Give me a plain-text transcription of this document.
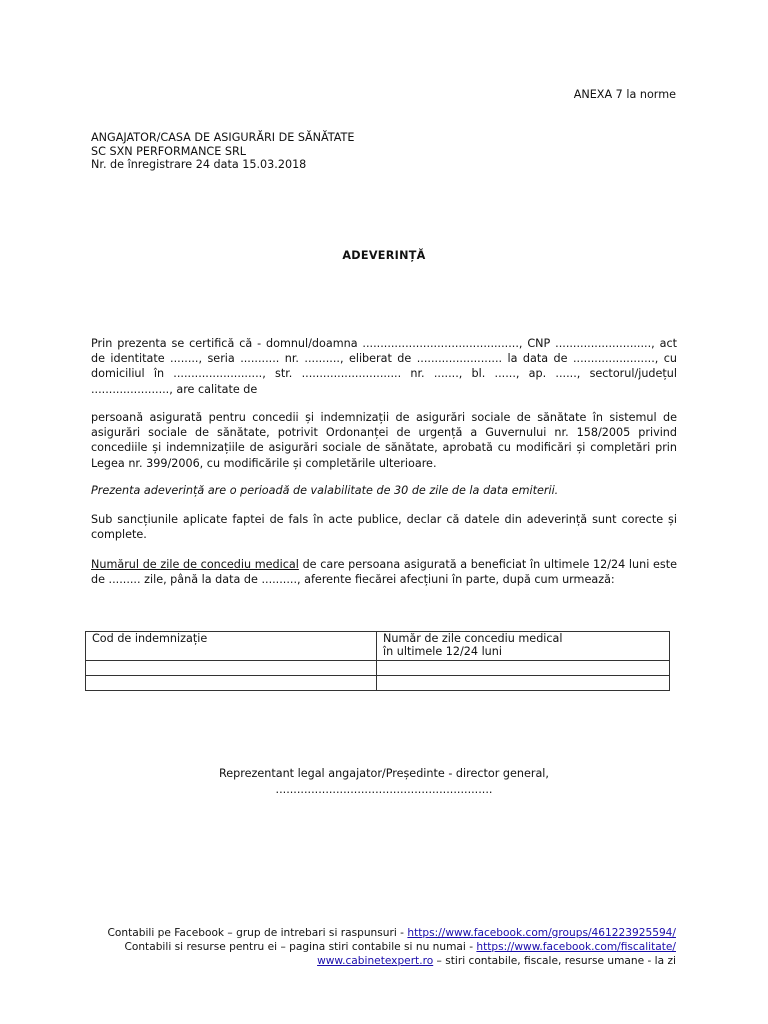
ANEXA 7 la norme
ANGAJATOR/CASA DE ASIGURĂRI DE SĂNĂTATE
SC SXN PERFORMANCE SRL
Nr. de înregistrare 24 data 15.03.2018
ADEVERINȚĂ
Prin prezenta se certifică că - domnul/doamna ............................................, CNP ..........................., act de identitate ........, seria ........... nr. .........., eliberat de ........................ la data de ......................., cu domiciliul în ........................., str. ............................ nr. ......., bl. ......, ap. ......, sectorul/județul ......................, are calitate de
persoană asigurată pentru concedii și indemnizații de asigurări sociale de sănătate în sistemul de asigurări sociale de sănătate, potrivit Ordonanței de urgență a Guvernului nr. 158/2005 privind concediile și indemnizațiile de asigurări sociale de sănătate, aprobată cu modificări și completări prin Legea nr. 399/2006, cu modificările și completările ulterioare.
Prezenta adeverință are o perioadă de valabilitate de 30 de zile de la data emiterii.
Sub sancțiunile aplicate faptei de fals în acte publice, declar că datele din adeverință sunt corecte și complete.
Numărul de zile de concediu medical de care persoana asigurată a beneficiat în ultimele 12/24 luni este de ......... zile, până la data de .........., aferente fiecărei afecțiuni în parte, după cum urmează:
Cod de indemnizație	Număr de zile concediu medical
în ultimele 12/24 luni

Reprezentant legal angajator/Președinte - director general,
.............................................................
Contabili pe Facebook – grup de intrebari si raspunsuri - https://www.facebook.com/groups/461223925594/
Contabili si resurse pentru ei – pagina stiri contabile si nu numai - https://www.facebook.com/fiscalitate/
www.cabinetexpert.ro – stiri contabile, fiscale, resurse umane - la zi
